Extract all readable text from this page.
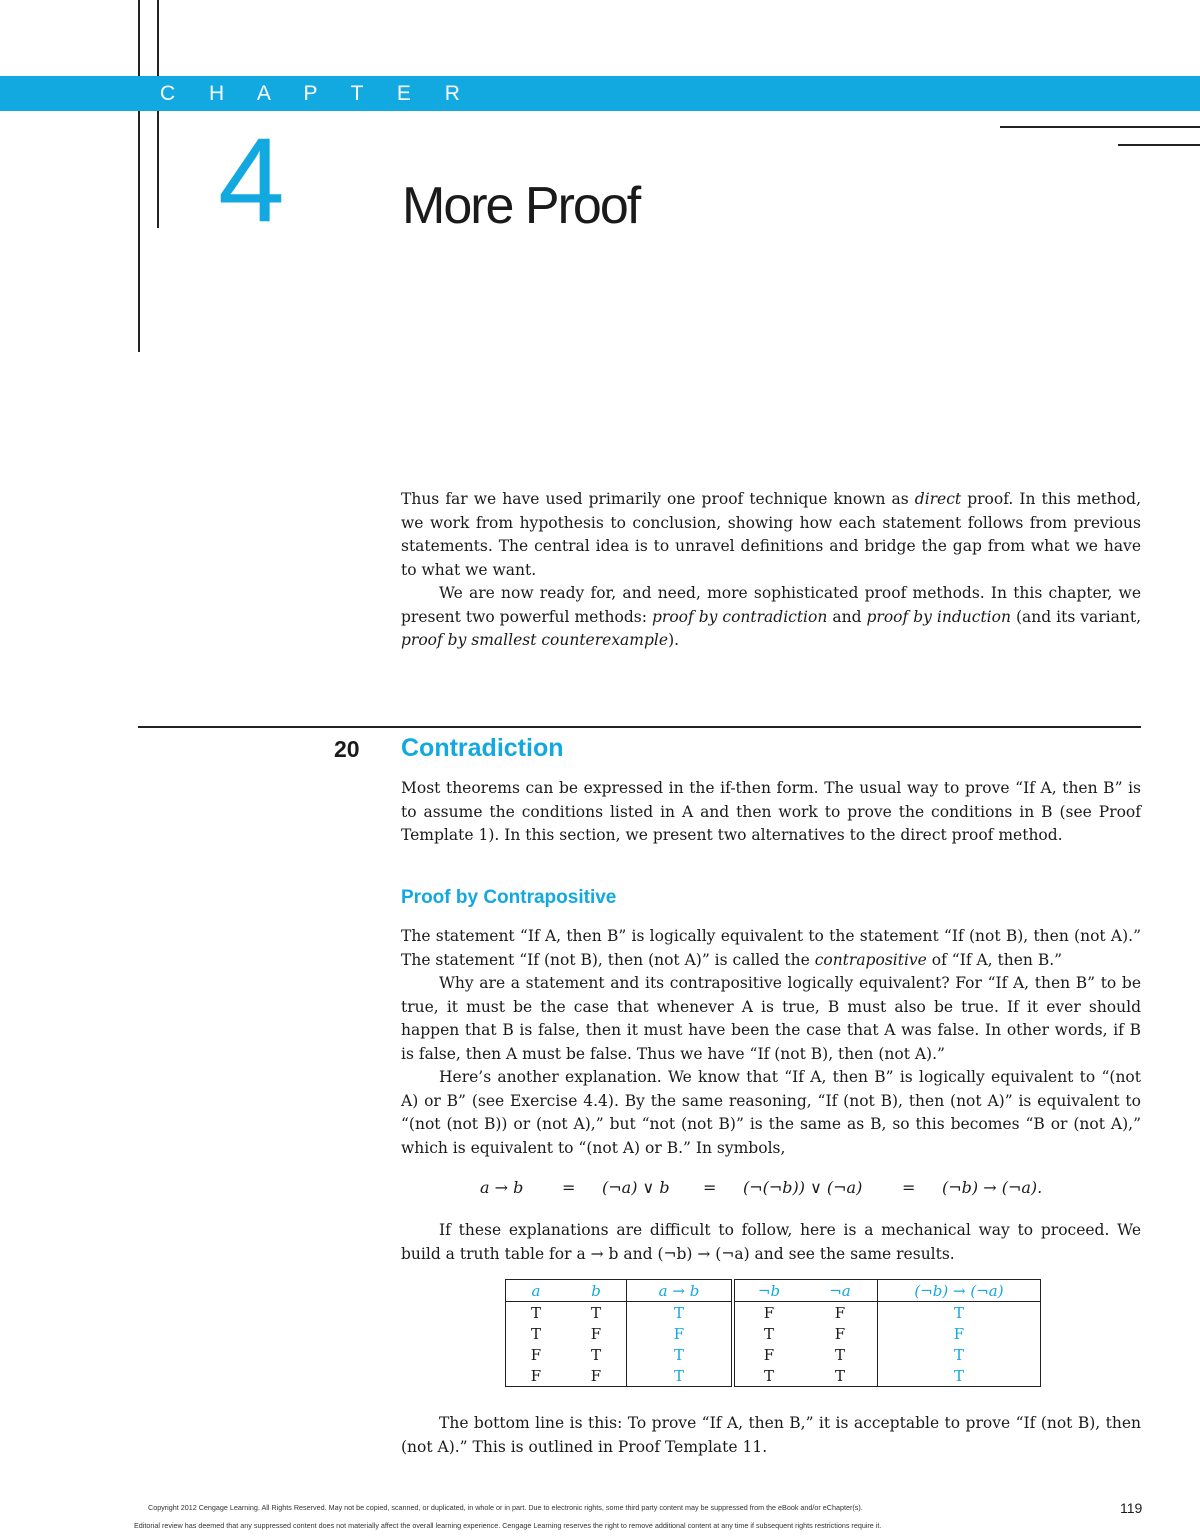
C H A P T E R
4 More Proof

Thus far we have used primarily one proof technique known as direct proof. In this method, we work from hypothesis to conclusion, showing how each statement follows from previous statements. The central idea is to unravel definitions and bridge the gap from what we have to what we want.

We are now ready for, and need, more sophisticated proof methods. In this chapter, we present two powerful methods: proof by contradiction and proof by induction (and its variant, proof by smallest counterexample).

20 Contradiction

Most theorems can be expressed in the if-then form. The usual way to prove “If A, then B” is to assume the conditions listed in A and then work to prove the conditions in B (see Proof Template 1). In this section, we present two alternatives to the direct proof method.

Proof by Contrapositive

The statement “If A, then B” is logically equivalent to the statement “If (not B), then (not A).” The statement “If (not B), then (not A)” is called the contrapositive of “If A, then B.”

Why are a statement and its contrapositive logically equivalent? For “If A, then B” to be true, it must be the case that whenever A is true, B must also be true. If it ever should happen that B is false, then it must have been the case that A was false. In other words, if B is false, then A must be false. Thus we have “If (not B), then (not A).”

Here’s another explanation. We know that “If A, then B” is logically equivalent to “(not A) or B” (see Exercise 4.4). By the same reasoning, “If (not B), then (not A)” is equivalent to “(not (not B)) or (not A),” but “not (not B)” is the same as B, so this becomes “B or (not A),” which is equivalent to “(not A) or B.” In symbols,

a → b = (¬a) ∨ b = (¬(¬b)) ∨ (¬a) = (¬b) → (¬a).

If these explanations are difficult to follow, here is a mechanical way to proceed. We build a truth table for a → b and (¬b) → (¬a) and see the same results.

a	b	a → b	¬b	¬a	(¬b) → (¬a)
T	T	T	F	F	T
T	F	F	T	F	F
F	T	T	F	T	T
F	F	T	T	T	T

The bottom line is this: To prove “If A, then B,” it is acceptable to prove “If (not B), then (not A).” This is outlined in Proof Template 11.

Copyright 2012 Cengage Learning. All Rights Reserved. May not be copied, scanned, or duplicated, in whole or in part. Due to electronic rights, some third party content may be suppressed from the eBook and/or eChapter(s).
Editorial review has deemed that any suppressed content does not materially affect the overall learning experience. Cengage Learning reserves the right to remove additional content at any time if subsequent rights restrictions require it.
119
